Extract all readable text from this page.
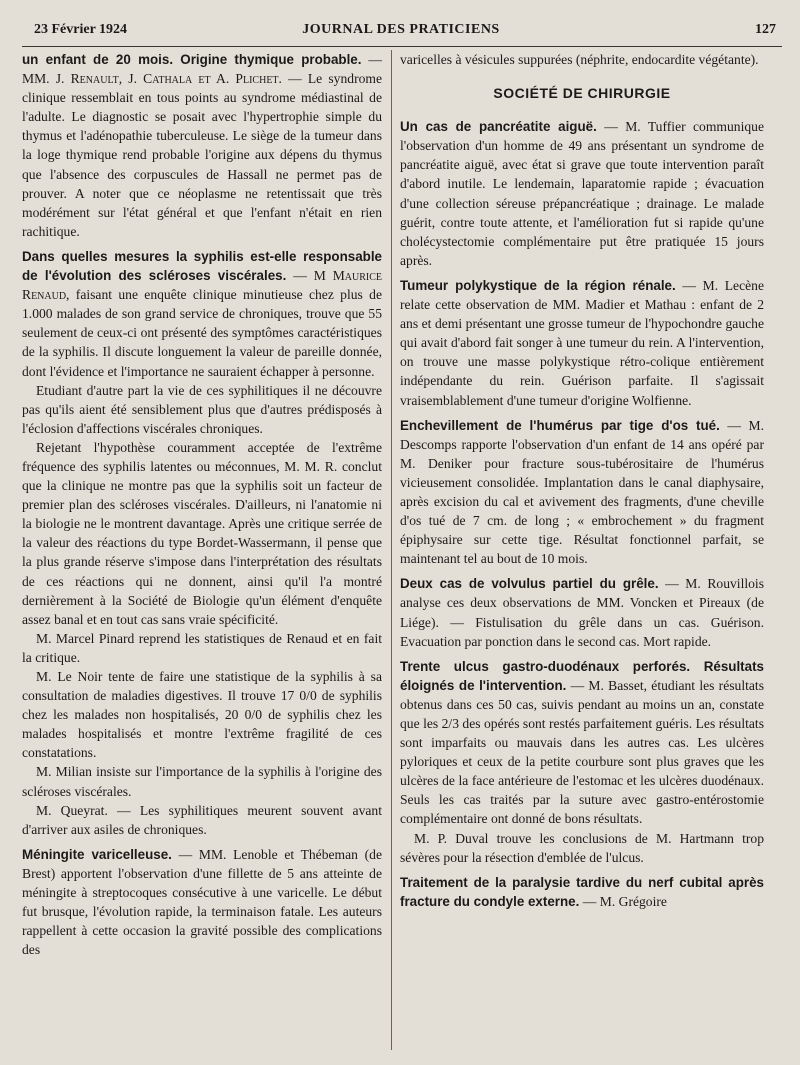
23 Février 1924	JOURNAL DES PRATICIENS	127

un enfant de 20 mois. Origine thymique probable. — MM. J. Renault, J. Cathala et A. Plichet. — Le syndrome clinique ressemblait en tous points au syndrome médiastinal de l'adulte. Le diagnostic se posait avec l'hypertrophie simple du thymus et l'adénopathie tuberculeuse. Le siège de la tumeur dans la loge thymique rend probable l'origine aux dépens du thymus que l'absence des corpuscules de Hassall ne permet pas de prouver. A noter que ce néoplasme ne retentissait que très modérément sur l'état général et que l'enfant n'était en rien rachitique.

Dans quelles mesures la syphilis est-elle responsable de l'évolution des scléroses viscérales. — M Maurice Renaud, faisant une enquête clinique minutieuse chez plus de 1.000 malades de son grand service de chroniques, trouve que 55 seulement de ceux-ci ont présenté des symptômes caractéristiques de la syphilis. Il discute longuement la valeur de pareille donnée, dont l'évidence et l'importance ne sauraient échapper à personne.

Etudiant d'autre part la vie de ces syphilitiques il ne découvre pas qu'ils aient été sensiblement plus que d'autres prédisposés à l'éclosion d'affections viscérales chroniques.

Rejetant l'hypothèse couramment acceptée de l'extrême fréquence des syphilis latentes ou méconnues, M. M. R. conclut que la clinique ne montre pas que la syphilis soit un facteur de premier plan des scléroses viscérales. D'ailleurs, ni l'anatomie ni la biologie ne le montrent davantage. Après une critique serrée de la valeur des réactions du type Bordet-Wassermann, il pense que la plus grande réserve s'impose dans l'interprétation des résultats de ces réactions qui ne donnent, ainsi qu'il l'a montré dernièrement à la Société de Biologie qu'un élément d'enquête assez banal et en tout cas sans vraie spécificité.

M. Marcel Pinard reprend les statistiques de Renaud et en fait la critique.

M. Le Noir tente de faire une statistique de la syphilis à sa consultation de maladies digestives. Il trouve 17 0/0 de syphilis chez les malades non hospitalisés, 20 0/0 de syphilis chez les malades hospitalisés et montre l'extrême fragilité de ces constatations.

M. Milian insiste sur l'importance de la syphilis à l'origine des scléroses viscérales.

M. Queyrat. — Les syphilitiques meurent souvent avant d'arriver aux asiles de chroniques.

Méningite varicelleuse. — MM. Lenoble et Thébeman (de Brest) apportent l'observation d'une fillette de 5 ans atteinte de méningite à streptocoques consécutive à une varicelle. Le début fut brusque, l'évolution rapide, la terminaison fatale. Les auteurs rappellent à cette occasion la gravité possible des complications des

varicelles à vésicules suppurées (néphrite, endocardite végétante).

SOCIÉTÉ DE CHIRURGIE

Un cas de pancréatite aiguë. — M. Tuffier communique l'observation d'un homme de 49 ans présentant un syndrome de pancréatite aiguë, avec état si grave que toute intervention paraît d'abord inutile. Le lendemain, laparatomie rapide ; évacuation d'une collection séreuse prépancréatique ; drainage. Le malade guérit, contre toute attente, et l'amélioration fut si rapide qu'une cholécystectomie complémentaire put être pratiquée 15 jours après.

Tumeur polykystique de la région rénale. — M. Lecène relate cette observation de MM. Madier et Mathau : enfant de 2 ans et demi présentant une grosse tumeur de l'hypochondre gauche qui avait d'abord fait songer à une tumeur du rein. A l'intervention, on trouve une masse polykystique rétro-colique entièrement indépendante du rein. Guérison parfaite. Il s'agissait vraisemblablement d'une tumeur d'origine Wolfienne.

Enchevillement de l'humérus par tige d'os tué. — M. Descomps rapporte l'observation d'un enfant de 14 ans opéré par M. Deniker pour fracture sous-tubérositaire de l'humérus vicieusement consolidée. Implantation dans le canal diaphysaire, après excision du cal et avivement des fragments, d'une cheville d'os tué de 7 cm. de long ; « embrochement » du fragment épiphysaire sur cette tige. Résultat fonctionnel parfait, se maintenant tel au bout de 10 mois.

Deux cas de volvulus partiel du grêle. — M. Rouvillois analyse ces deux observations de MM. Voncken et Pireaux (de Liége). — Fistulisation du grêle dans un cas. Guérison. Evacuation par ponction dans le second cas. Mort rapide.

Trente ulcus gastro-duodénaux perforés. Résultats éloignés de l'intervention. — M. Basset, étudiant les résultats obtenus dans ces 50 cas, suivis pendant au moins un an, constate que les 2/3 des opérés sont restés parfaitement guéris. Les résultats sont imparfaits ou mauvais dans les autres cas. Les ulcères pyloriques et ceux de la petite courbure sont plus graves que les ulcères de la face antérieure de l'estomac et les ulcères duodénaux. Seuls les cas traités par la suture avec gastro-entérostomie complémentaire ont donné de bons résultats.

M. P. Duval trouve les conclusions de M. Hartmann trop sévères pour la résection d'emblée de l'ulcus.

Traitement de la paralysie tardive du nerf cubital après fracture du condyle externe. — M. Grégoire
